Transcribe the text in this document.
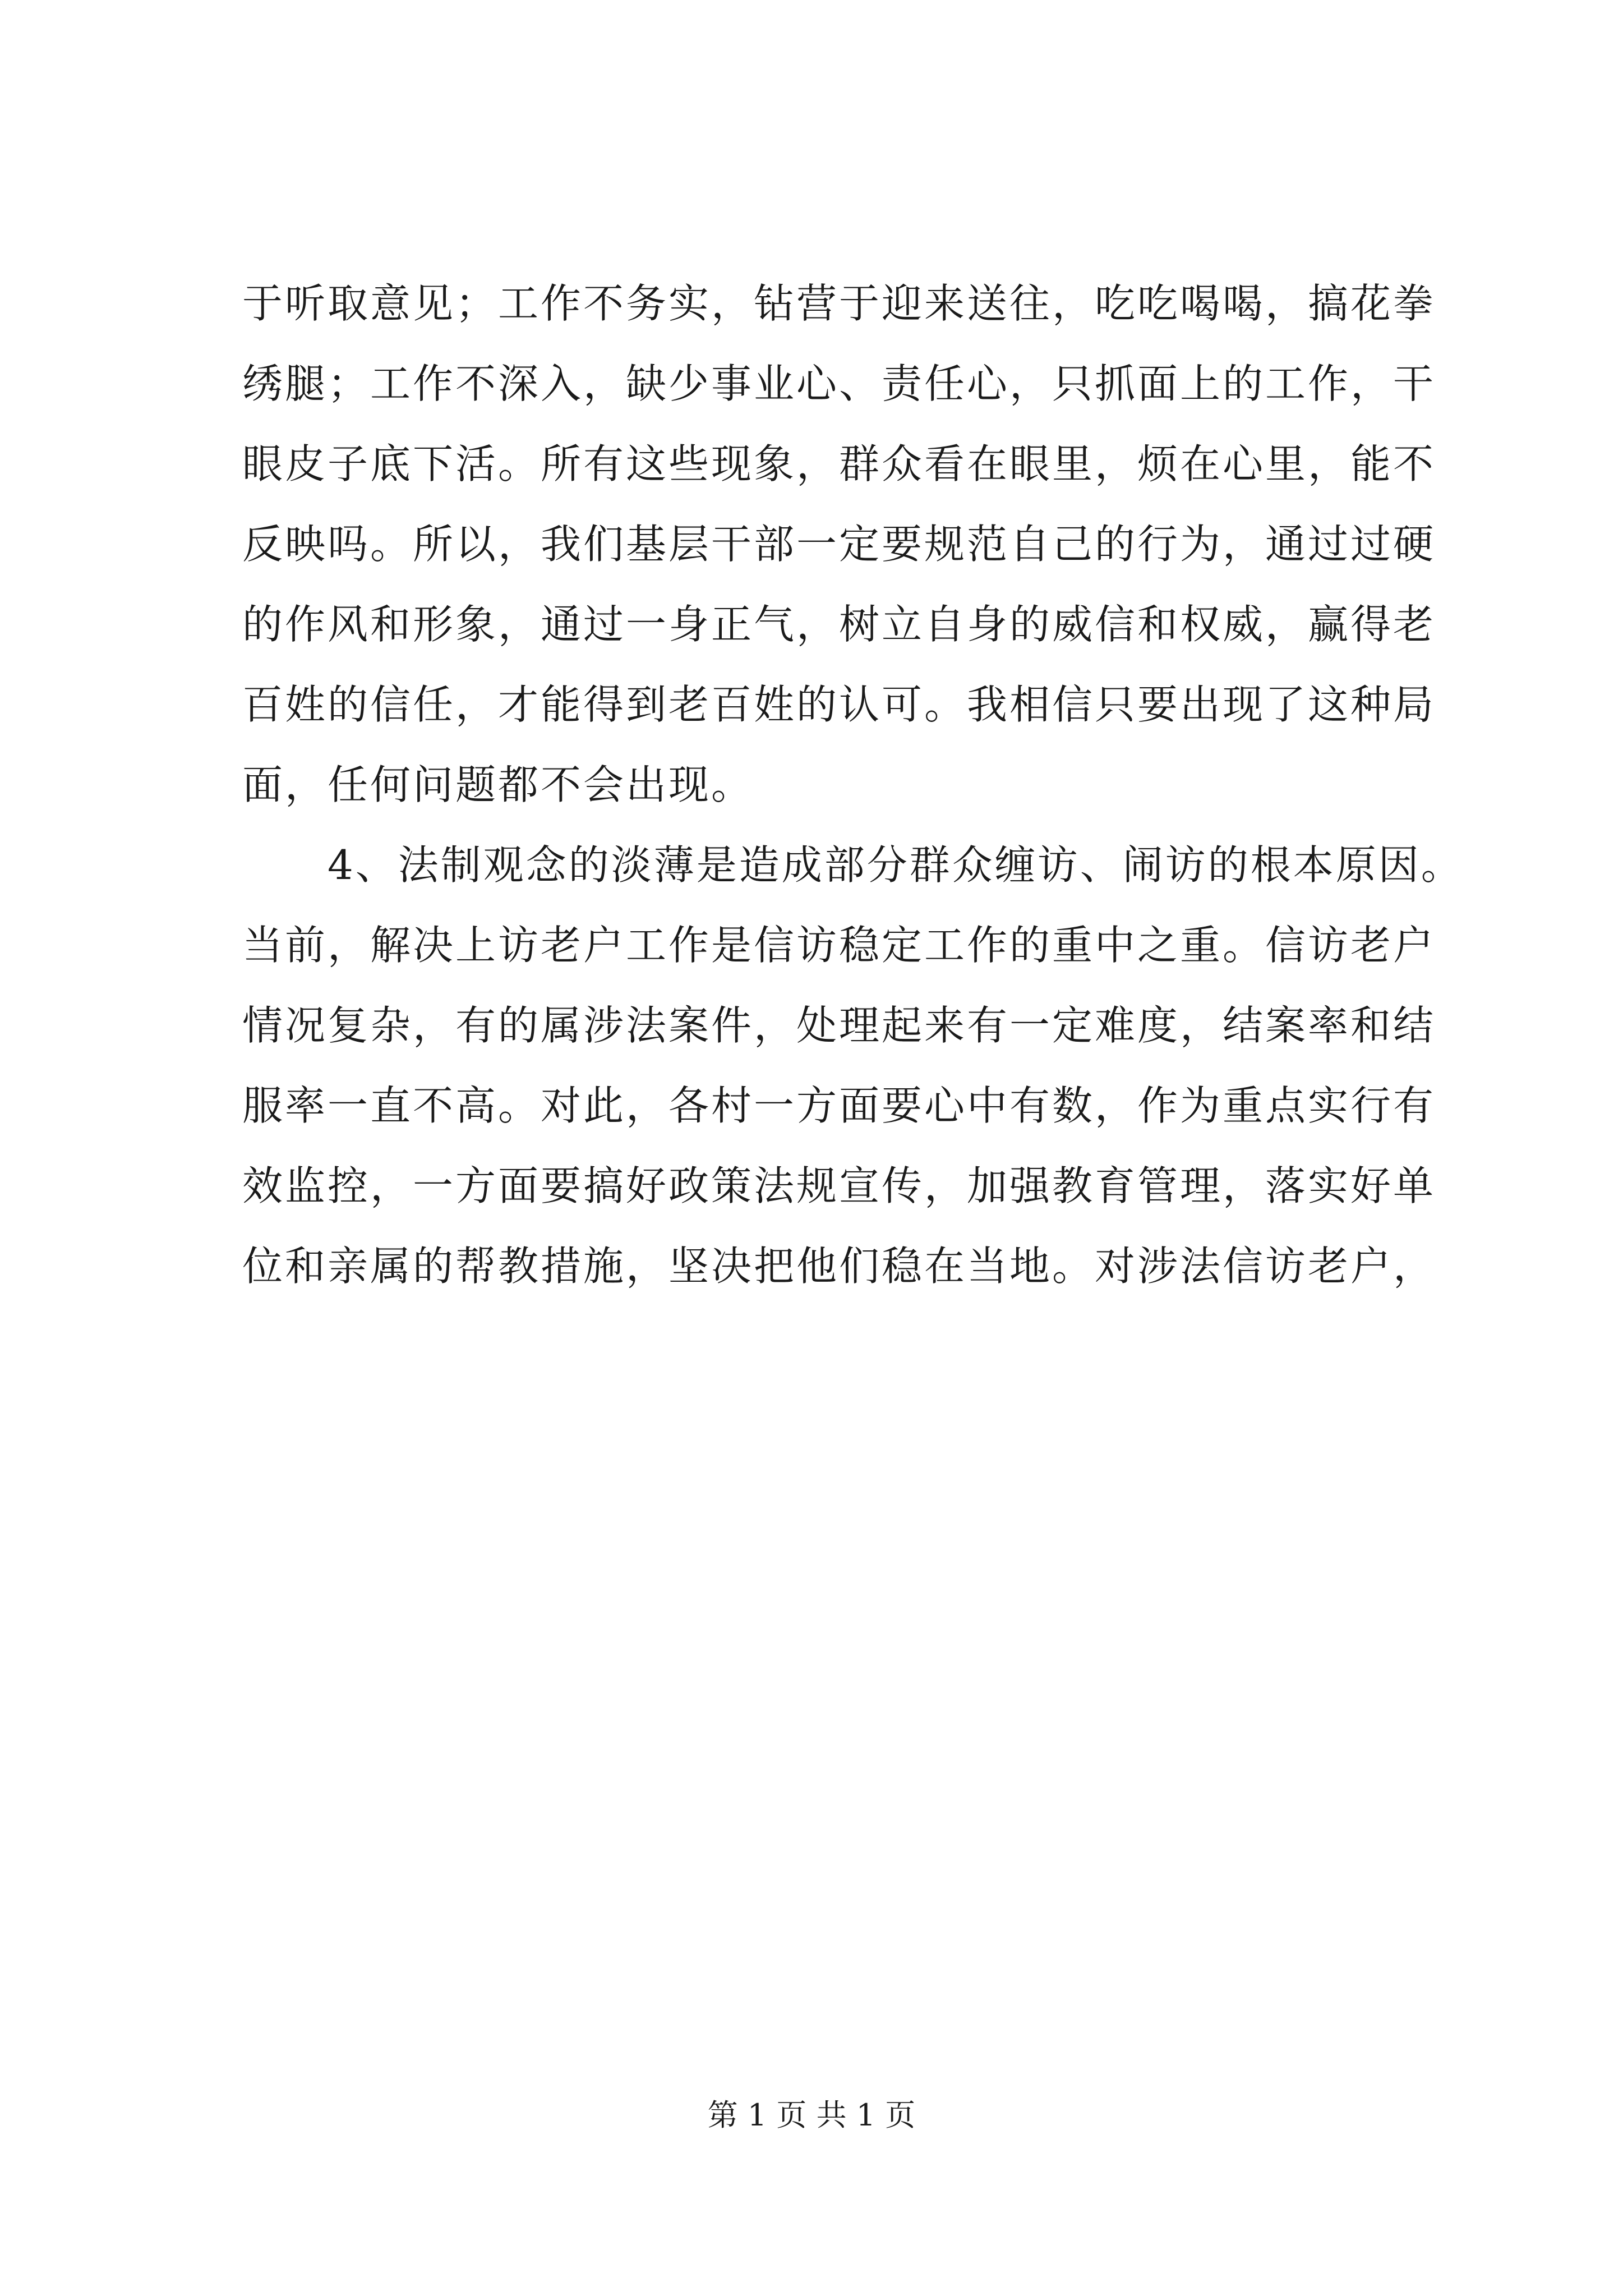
于听取意见；工作不务实，钻营于迎来送往，吃吃喝喝，搞花拳
绣腿；工作不深入，缺少事业心、责任心，只抓面上的工作，干
眼皮子底下活。所有这些现象，群众看在眼里，烦在心里，能不
反映吗。所以，我们基层干部一定要规范自己的行为，通过过硬
的作风和形象，通过一身正气，树立自身的威信和权威，赢得老
百姓的信任，才能得到老百姓的认可。我相信只要出现了这种局
面，任何问题都不会出现。
　　4、法制观念的淡薄是造成部分群众缠访、闹访的根本原因。
当前，解决上访老户工作是信访稳定工作的重中之重。信访老户
情况复杂，有的属涉法案件，处理起来有一定难度，结案率和结
服率一直不高。对此，各村一方面要心中有数，作为重点实行有
效监控，一方面要搞好政策法规宣传，加强教育管理，落实好单
位和亲属的帮教措施，坚决把他们稳在当地。对涉法信访老户，
第 1 页 共 1 页
